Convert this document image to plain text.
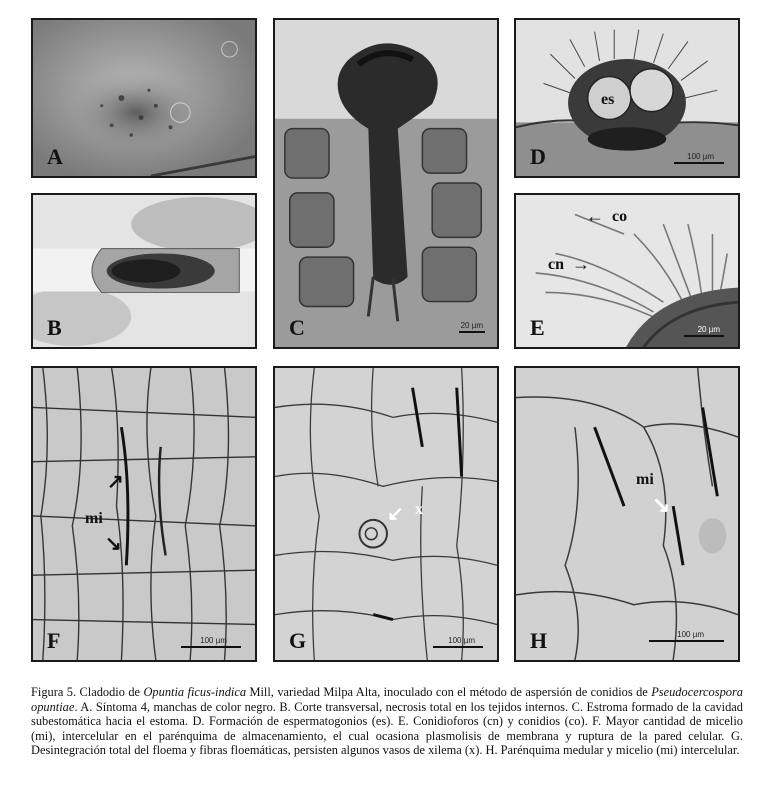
A
B	C	20 µm
es
D	100 µm
co
←
cn →
E	20 µm
mi
↗
↘
F	100 µm
↙ x
G	100 µm
mi
↘
H	100 µm
Figura 5. Cladodio de Opuntia ficus-indica Mill, variedad Milpa Alta, inoculado con el método de aspersión de conidios de Pseudocercospora opuntiae. A. Síntoma 4, manchas de color negro. B. Corte transversal, necrosis total en los tejidos internos. C. Estroma formado de la cavidad subestomática hacia el estoma. D. Formación de espermatogonios (es). E. Conidioforos (cn) y conidios (co). F. Mayor cantidad de micelio (mi), intercelular en el parénquima de almacenamiento, el cual ocasiona plasmolisis de membrana y ruptura de la pared celular. G. Desintegración total del floema y fibras floemáticas, persisten algunos vasos de xilema (x). H. Parénquima medular y micelio (mi) intercelular.
